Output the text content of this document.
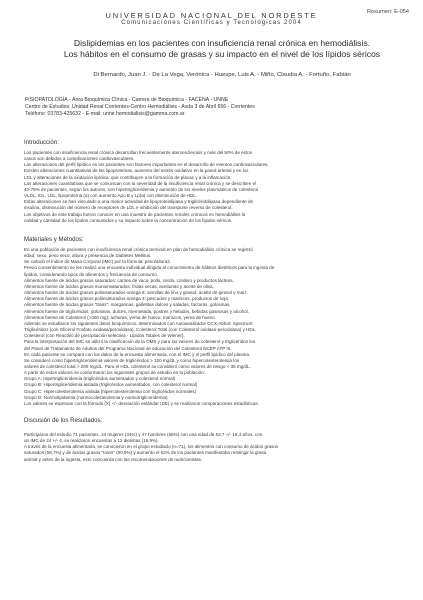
Resumen: E-054
UNIVERSIDAD NACIONAL DEL NORDESTE
Comunicaciones Científicas y Tecnológicas 2004
Dislipidemias en los pacientes con insuficiencia renal crónica en hemodiálisis.
Los hábitos en el consumo de grasas y su impacto en el nivel de los lípidos séricos
Di Bernardo, Juan J. - De La Vega, Verónica - Huespe, Luis A. - Miño, Claudia A. - Fortuño, Fabián
FISIOPATOLOGÍA - Área Bioquímica Clínica - Carrera de Bioquímica - FACENA - UNNE
Centro de Estudios: Unidad Renal Corrientes-Centro Hemodiálisis - Avda 3 de Abril 656 - Corrientes
Teléfono: 03783-425632 - E-mail: unne.hemodialisis@gamma.com.ar
Introducción:
Los pacientes con insuficiencia renal crónica desarrollan frecuentemente ateroesclerosis y más del 50% de estos
casos son debidos a complicaciones cardiovasculares.
Las alteraciones del perfil lipídico en los pacientes son factores importantes en el desarrollo de eventos cardiovasculares.
Existen alteraciones cuantitativas de las lipoproteínas, aumento del estrés oxidativo en la pared arterial y en los
LDL y alteraciones de la oxidación lipídica, que contribuyen a la formación de placas y a la inflamación.
Las alteraciones cuantitativas que se comunican con la severidad de la insuficiencia renal crónica y se describen el
40-75% de pacientes, según los autores, son hipertrigliceridemia y aumento de los niveles plasmáticos de colesterol
VLDL, IDL, LDL, lipoproteína (a) con aumento Apo B y Lp(a) con disminución de HDL.
Estas alteraciones se han vinculado a una menor actividad de lipoproteinlipasa y triglicéridolipasa dependiente de
insulina, disminución del número de receptores de LDL e inhibición del transporte reverso de colesterol.
Los objetivos de este trabajo fueron conocer en una muestra de pacientes renales crónicos en hemodiálisis la
calidad y cantidad de los lípidos consumidos y su impacto sobre la concentración de los lípidos séricos.
Materiales y Métodos:
En una población de pacientes con insuficiencia renal crónica terminal en plan de hemodiálisis crónica se registró
edad, sexo, peso seco, altura y presencia de Diabetes Mellitus.
Se calculó el índice de Masa Corporal (IMC) por la fórmula: peso/altura2.
Previo consentimiento se les realizó una encuesta individual dirigida al conocimiento de hábitos dietéticos para la ingesta de
lípidos, considerando tipos de alimentos y frecuencia de consumo.
Alimentos fuente de ácidos grasos saturados: carnes de vaca, pollo, cerdo, cordero y productos lácteos.
Alimentos fuente de ácidos grasos monoinsaturados: frutas secas, aceitunas y aceite de oliva.
Alimentos fuente de ácidos grasos poliinsaturados-omega 6: semillas de lino y girasol, aceite de girasol y maíz.
Alimentos fuente de ácidos grasos poliinsaturados-omega 3: pescados y mariscos, productos de soja.
Alimentos fuente de ácidos grasos "trans": margarinas, galletitas dulces y saladas, facturas, golosinas.
Alimentos fuente de triglicéridos: golosinas, dulces, mermelada, postres y helados, bebidas gaseosas y alcohol.
Alimentos fuente de Colesterol (>300 mg): achuras, yema de huevo, mariscos, yema de huevo.
Además se estudiaron los siguientes datos bioquímicos, determinados con Autoanalizador CCX-Abbot: Spectrum:
Triglicéridos (con Glicerol Fosfato oxidasa/peroxidasa), Colesterol Total (con Colesterol oxidasa-peroxidasa) y HDL
Colesterol (con Reactivo de precipitación selectiva - Lípidos Totales de Wiener).
Para la interpretación del IMC se utilizó la clasificación de la OMS y para los valores de colesterol y triglicéridos los
del Panel de Tratamiento de Adultos del Programa Nacional de educación del Colesterol NCEP ATP III.
En cada paciente se comparó con los datos de la encuesta alimentaria, con el IMC y el perfil lipídico del plasma.
Se consideró como hipertrigliceridemia valores de triglicéridos > 150 mg/dL y como hipercolesterolemia los
valores de colesterol total > 200 mg/dL. Para el HDL colesterol se consideró como valores de riesgo < 35 mg/dL.
A partir de estos valores se conformaron los siguientes grupos de estudio en la población:
Grupo A: Hipertrigliceridemia (triglicéridos aumentados y colesterol normal)
Grupo B: Hipertrigliceridemia aislada (triglicéridos aumentados, con colesterol normal)
Grupo C: Hipercolesterolemia aislada (hipercolesterolemia con triglicéridos normales)
Grupo D: Normolipidemia (normocolesterolemia y normotrigliceridemia)
Los valores se expresan con la fórmula (X) +/- desviación estándar (DE) y se realizaron comparaciones estadísticas.
Discusión de los Resultados:
Participaron del estudio 71 pacientes, 24 mujeres (34%) y 47 hombres (66%) con una edad de 53,7 +/- 15,4 años, con
un IMC de 24 +/- 4, se realizaron encuestas a 12 dietistas (16,9%).
A través de la encuesta alimentaria, se conocieron en el grupo estudiado (n=71), los alimentos con consumo de ácidos grasos
saturados (58,7%) y de ácidos grasos "trans" (60,9%) y aumento el 52% de los pacientes manifestaba restringir la grasa
animal y antes de la ingesta, esto concuerda con las recomendaciones de nutricionistas.
